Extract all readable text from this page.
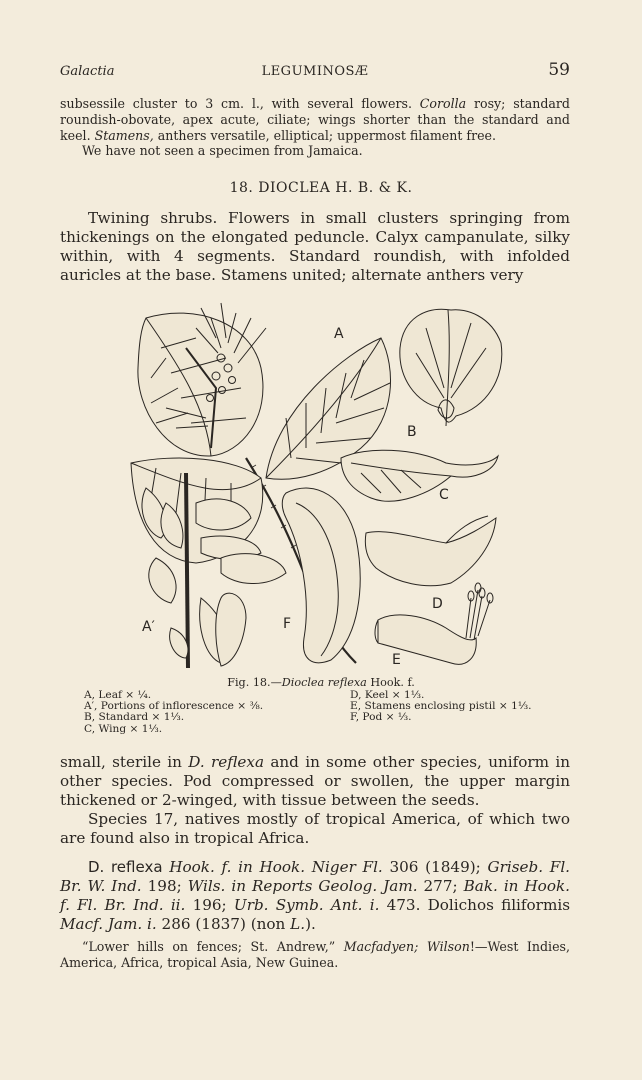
Galactia	LEGUMINOSÆ	59
subsessile cluster to 3 cm. l., with several flowers. Corolla rosy; standard roundish-obovate, apex acute, ciliate; wings shorter than the standard and keel. Stamens, anthers versatile, elliptical; uppermost filament free.
We have not seen a specimen from Jamaica.
18. DIOCLEA H. B. & K.
Twining shrubs. Flowers in small clusters springing from thickenings on the elongated peduncle. Calyx campanulate, silky within, with 4 segments. Standard roundish, with infolded auricles at the base. Stamens united; alternate anthers very
A
B
C
D
E
F
A′
Fig. 18.—Dioclea reflexa Hook. f.
A, Leaf × ¼.
A′, Portions of inflorescence × ⅜.
B, Standard × 1⅓.
C, Wing × 1⅓.
D, Keel × 1⅓.
E, Stamens enclosing pistil × 1⅓.
F, Pod × ⅓.
small, sterile in D. reflexa and in some other species, uniform in other species. Pod compressed or swollen, the upper margin thickened or 2-winged, with tissue between the seeds.
Species 17, natives mostly of tropical America, of which two are found also in tropical Africa.
D. reflexa Hook. f. in Hook. Niger Fl. 306 (1849); Griseb. Fl. Br. W. Ind. 198; Wils. in Reports Geolog. Jam. 277; Bak. in Hook. f. Fl. Br. Ind. ii. 196; Urb. Symb. Ant. i. 473. Dolichos filiformis Macf. Jam. i. 286 (1837) (non L.).
“Lower hills on fences; St. Andrew,” Macfadyen; Wilson!—West Indies, America, Africa, tropical Asia, New Guinea.
